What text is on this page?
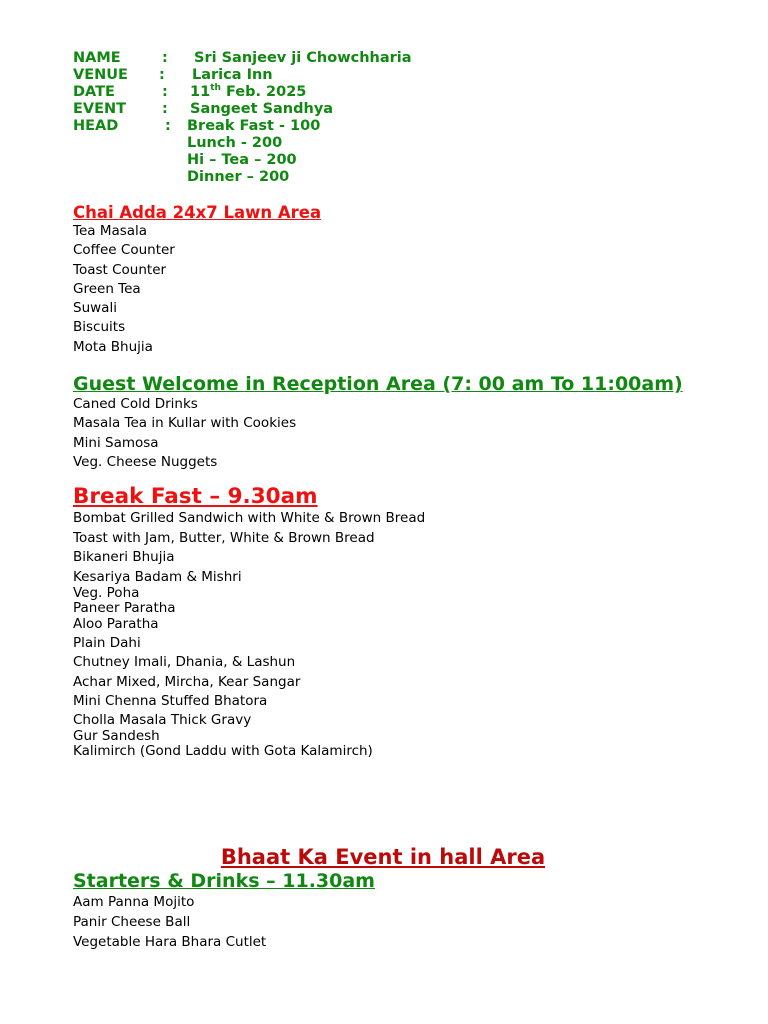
NAME	:	Sri Sanjeev ji Chowchharia
VENUE	:	Larica Inn
DATE	:	11th Feb. 2025
EVENT	:	Sangeet Sandhya
HEAD	:	Break Fast - 100
Lunch - 200
Hi – Tea – 200
Dinner – 200
Chai Adda 24x7 Lawn Area
Tea Masala
Coffee Counter
Toast Counter
Green Tea
Suwali
Biscuits
Mota Bhujia
Guest Welcome in Reception Area (7: 00 am To 11:00am)
Caned Cold Drinks
Masala Tea in Kullar with Cookies
Mini Samosa
Veg. Cheese Nuggets
Break Fast – 9.30am
Bombat Grilled Sandwich with White & Brown Bread
Toast with Jam, Butter, White & Brown Bread
Bikaneri Bhujia
Kesariya Badam & Mishri
Veg. Poha
Paneer Paratha
Aloo Paratha
Plain Dahi
Chutney Imali, Dhania, & Lashun
Achar Mixed, Mircha, Kear Sangar
Mini Chenna Stuffed Bhatora
Cholla Masala Thick Gravy
Gur Sandesh
Kalimirch (Gond Laddu with Gota Kalamirch)
Bhaat Ka Event in hall Area
Starters & Drinks – 11.30am
Aam Panna Mojito
Panir Cheese Ball
Vegetable Hara Bhara Cutlet
